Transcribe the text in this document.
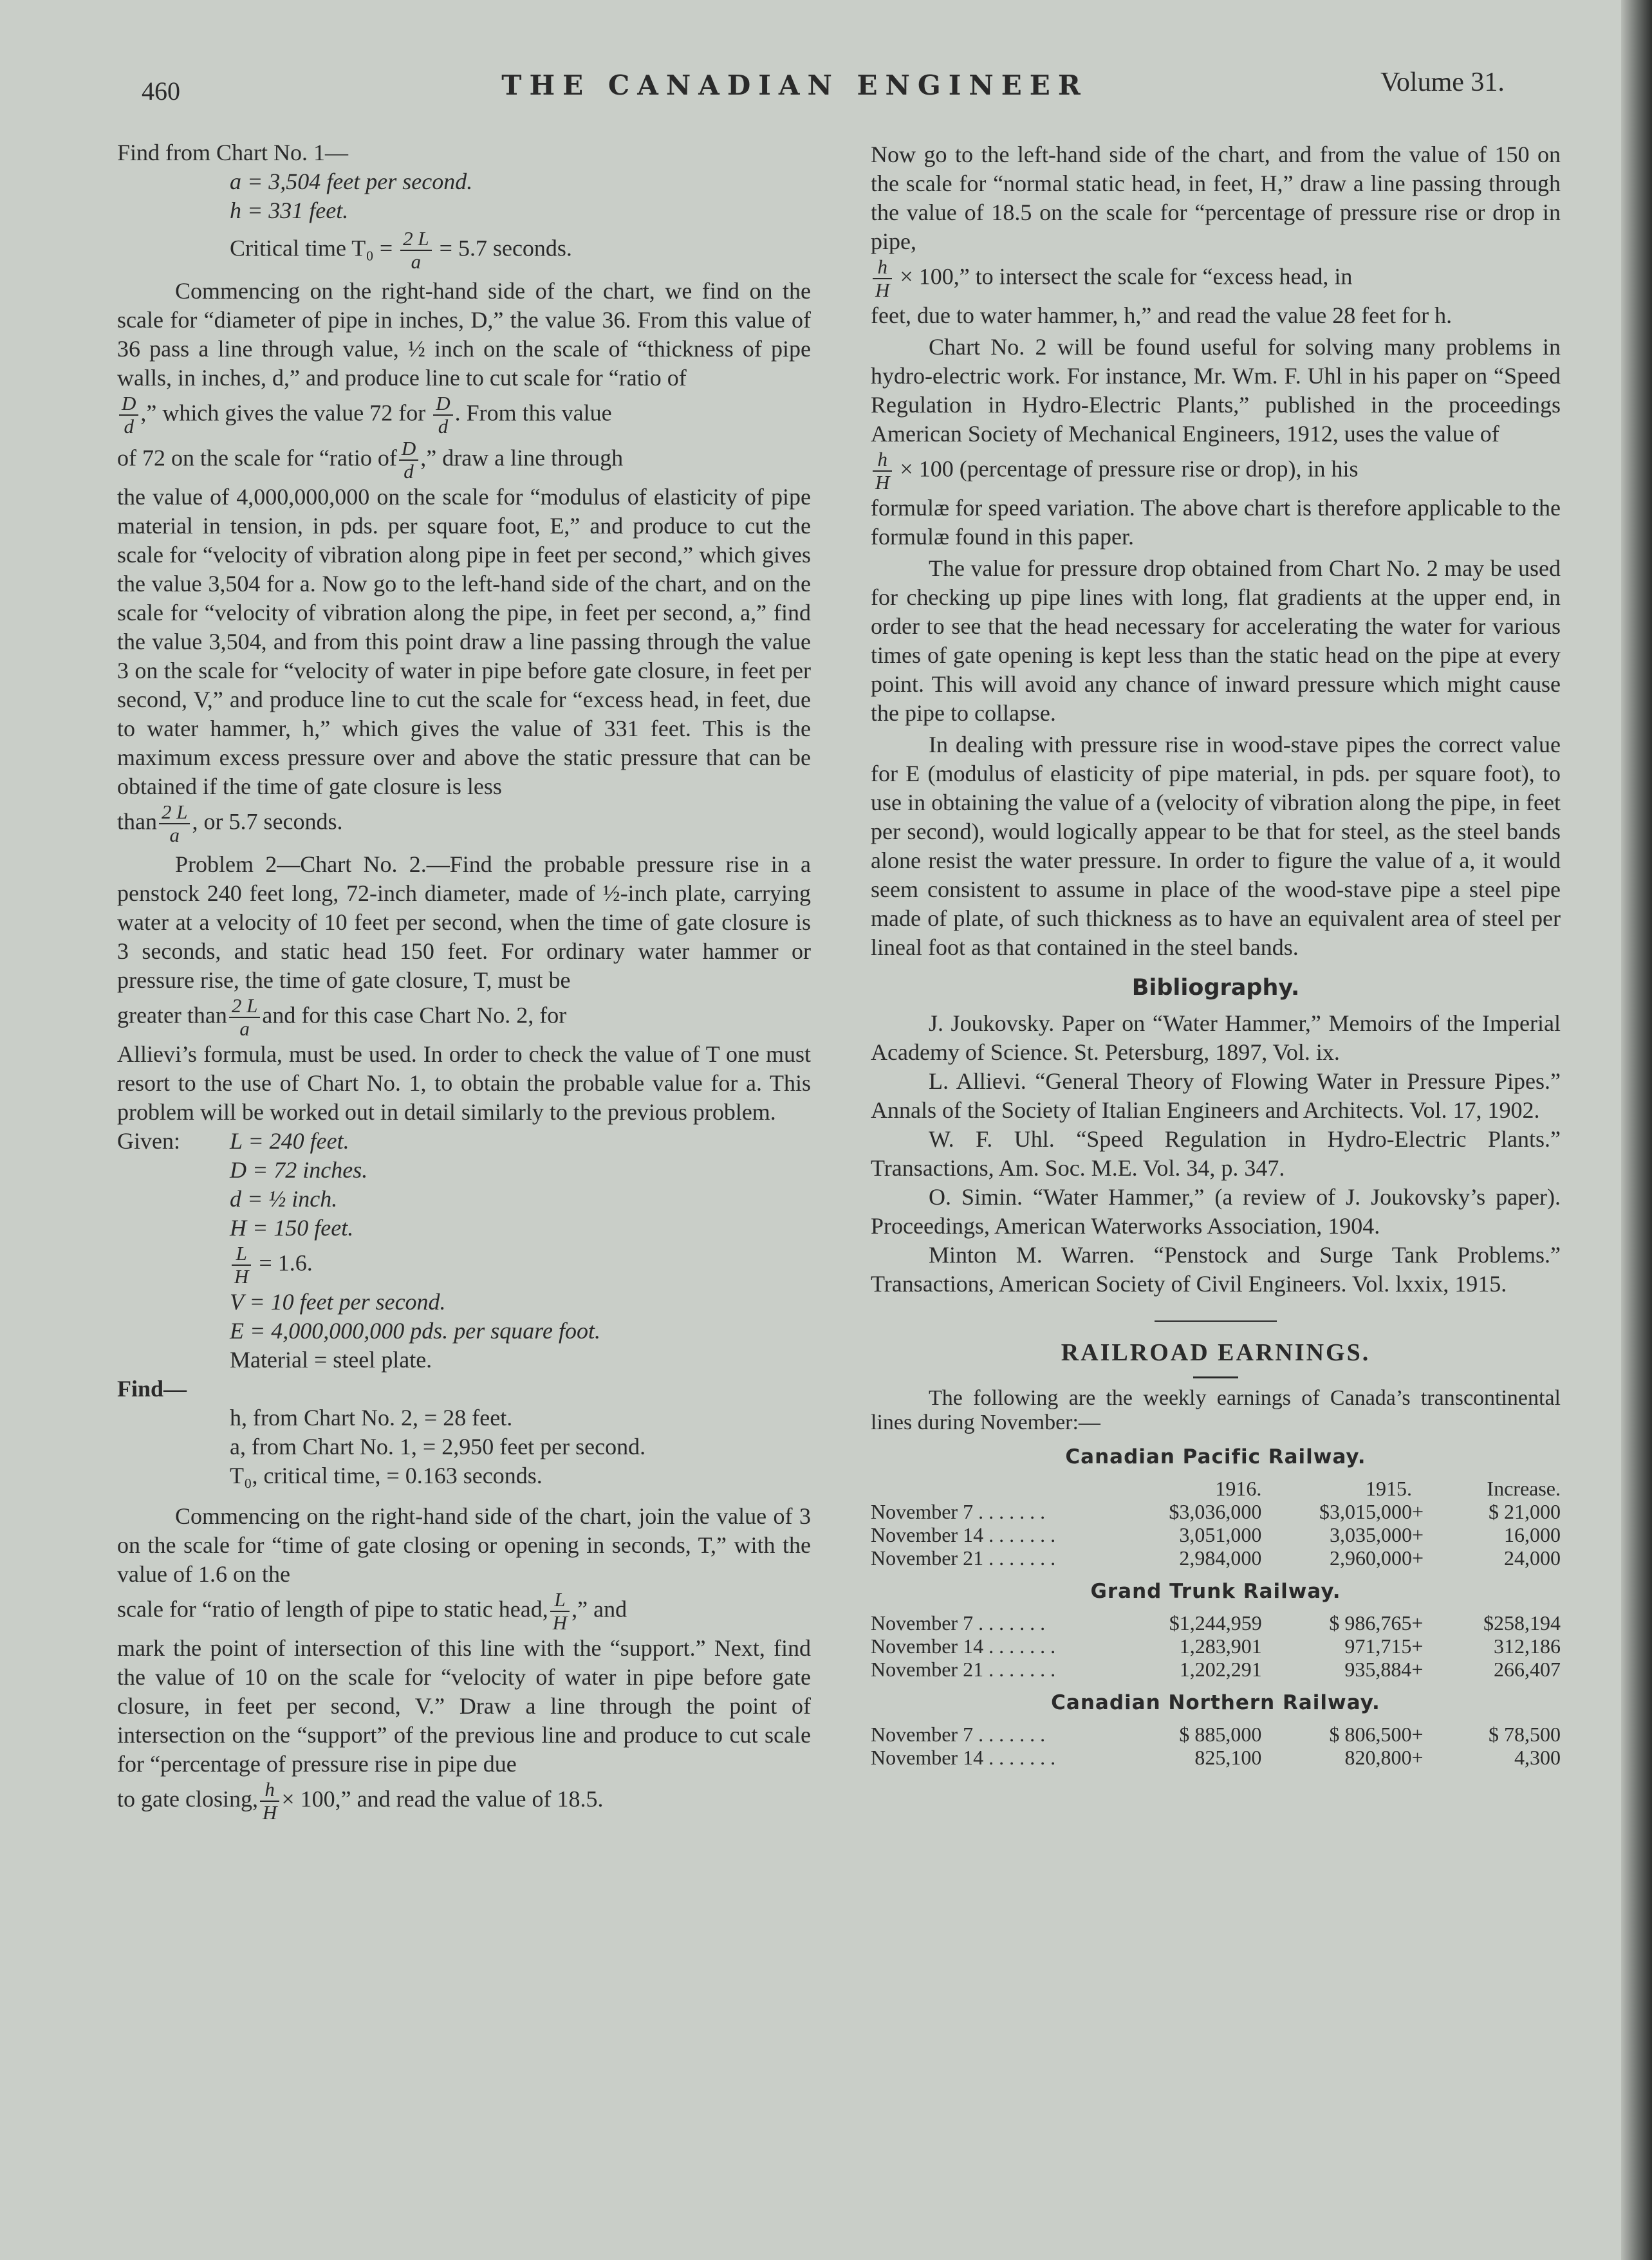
460	THE CANADIAN ENGINEER	Volume 31.

Find from Chart No. 1—

a = 3,504 feet per second.

h = 331 feet.

Critical time $T_0 = \frac{2 L}{a} = 5.7$ seconds.

Commencing on the right-hand side of the chart, we find on the scale for “diameter of pipe in inches, D,” the value 36. From this value of 36 pass a line through value, ½ inch on the scale of “thickness of pipe walls, in inches, d,” and produce line to cut scale for “ratio of

$\frac{D}{d}$ ,” which gives the value 72 for $\frac{D}{d}$ . From this value

of 72 on the scale for “ratio of $\frac{D}{d}$ ,” draw a line through

the value of 4,000,000,000 on the scale for “modulus of elasticity of pipe material in tension, in pds. per square foot, E,” and produce to cut the scale for “velocity of vibration along pipe in feet per second,” which gives the value 3,504 for a. Now go to the left-hand side of the chart, and on the scale for “velocity of vibration along the pipe, in feet per second, a,” find the value 3,504, and from this point draw a line passing through the value 3 on the scale for “velocity of water in pipe before gate closure, in feet per second, V,” and produce line to cut the scale for “excess head, in feet, due to water hammer, h,” which gives the value of 331 feet. This is the maximum excess pressure over and above the static pressure that can be obtained if the time of gate closure is less

than $\frac{2 L}{a}$ , or 5.7 seconds.

Problem 2—Chart No. 2.—Find the probable pressure rise in a penstock 240 feet long, 72-inch diameter, made of ½-inch plate, carrying water at a velocity of 10 feet per second, when the time of gate closure is 3 seconds, and static head 150 feet. For ordinary water hammer or pressure rise, the time of gate closure, T, must be

greater than $\frac{2 L}{a}$ and for this case Chart No. 2, for

Allievi’s formula, must be used. In order to check the value of T one must resort to the use of Chart No. 1, to obtain the probable value for a. This problem will be worked out in detail similarly to the previous problem.

Given:	L = 240 feet.
D = 72 inches.
d = ½ inch.
H = 150 feet.
$\frac{L}{H} = 1.6$.
V = 10 feet per second.
E = 4,000,000,000 pds. per square foot.
Material = steel plate.

Find—

h, from Chart No. 2, = 28 feet.

a, from Chart No. 1, = 2,950 feet per second.

T₀, critical time, = 0.163 seconds.

Commencing on the right-hand side of the chart, join the value of 3 on the scale for “time of gate closing or opening in seconds, T,” with the value of 1.6 on the

scale for “ratio of length of pipe to static head, $\frac{L}{H}$ ,” and

mark the point of intersection of this line with the “support.” Next, find the value of 10 on the scale for “velocity of water in pipe before gate closure, in feet per second, V.” Draw a line through the point of intersection on the “support” of the previous line and produce to cut scale for “percentage of pressure rise in pipe due

to gate closing, $\frac{h}{H} \times 100$,” and read the value of 18.5.

Now go to the left-hand side of the chart, and from the value of 150 on the scale for “normal static head, in feet, H,” draw a line passing through the value of 18.5 on the scale for “percentage of pressure rise or drop in pipe,

$\frac{h}{H} \times 100$,” to intersect the scale for “excess head, in

feet, due to water hammer, h,” and read the value 28 feet for h.

Chart No. 2 will be found useful for solving many problems in hydro-electric work. For instance, Mr. Wm. F. Uhl in his paper on “Speed Regulation in Hydro-Electric Plants,” published in the proceedings American Society of Mechanical Engineers, 1912, uses the value of

$\frac{h}{H} \times 100$ (percentage of pressure rise or drop), in his

formulæ for speed variation. The above chart is therefore applicable to the formulæ found in this paper.

The value for pressure drop obtained from Chart No. 2 may be used for checking up pipe lines with long, flat gradients at the upper end, in order to see that the head necessary for accelerating the water for various times of gate opening is kept less than the static head on the pipe at every point. This will avoid any chance of inward pressure which might cause the pipe to collapse.

In dealing with pressure rise in wood-stave pipes the correct value for E (modulus of elasticity of pipe material, in pds. per square foot), to use in obtaining the value of a (velocity of vibration along the pipe, in feet per second), would logically appear to be that for steel, as the steel bands alone resist the water pressure. In order to figure the value of a, it would seem consistent to assume in place of the wood-stave pipe a steel pipe made of plate, of such thickness as to have an equivalent area of steel per lineal foot as that contained in the steel bands.

Bibliography.

J. Joukovsky. Paper on “Water Hammer,” Memoirs of the Imperial Academy of Science. St. Petersburg, 1897, Vol. ix.

L. Allievi. “General Theory of Flowing Water in Pressure Pipes.” Annals of the Society of Italian Engineers and Architects. Vol. 17, 1902.

W. F. Uhl. “Speed Regulation in Hydro-Electric Plants.” Transactions, Am. Soc. M.E. Vol. 34, p. 347.

O. Simin. “Water Hammer,” (a review of J. Joukovsky’s paper). Proceedings, American Waterworks Association, 1904.

Minton M. Warren. “Penstock and Surge Tank Problems.” Transactions, American Society of Civil Engineers. Vol. lxxix, 1915.

RAILROAD EARNINGS.

The following are the weekly earnings of Canada’s transcontinental lines during November:—

Canadian Pacific Railway.
	1916.	1915.		Increase.
November 7 . . . . . . .	$3,036,000	$3,015,000	+	$ 21,000
November 14 . . . . . . .	3,051,000	3,035,000	+	16,000
November 21 . . . . . . .	2,984,000	2,960,000	+	24,000
Grand Trunk Railway.
November 7 . . . . . . .	$1,244,959	$ 986,765	+	$258,194
November 14 . . . . . . .	1,283,901	971,715	+	312,186
November 21 . . . . . . .	1,202,291	935,884	+	266,407
Canadian Northern Railway.
November 7 . . . . . . .	$ 885,000	$ 806,500	+	$ 78,500
November 14 . . . . . . .	825,100	820,800	+	4,300
